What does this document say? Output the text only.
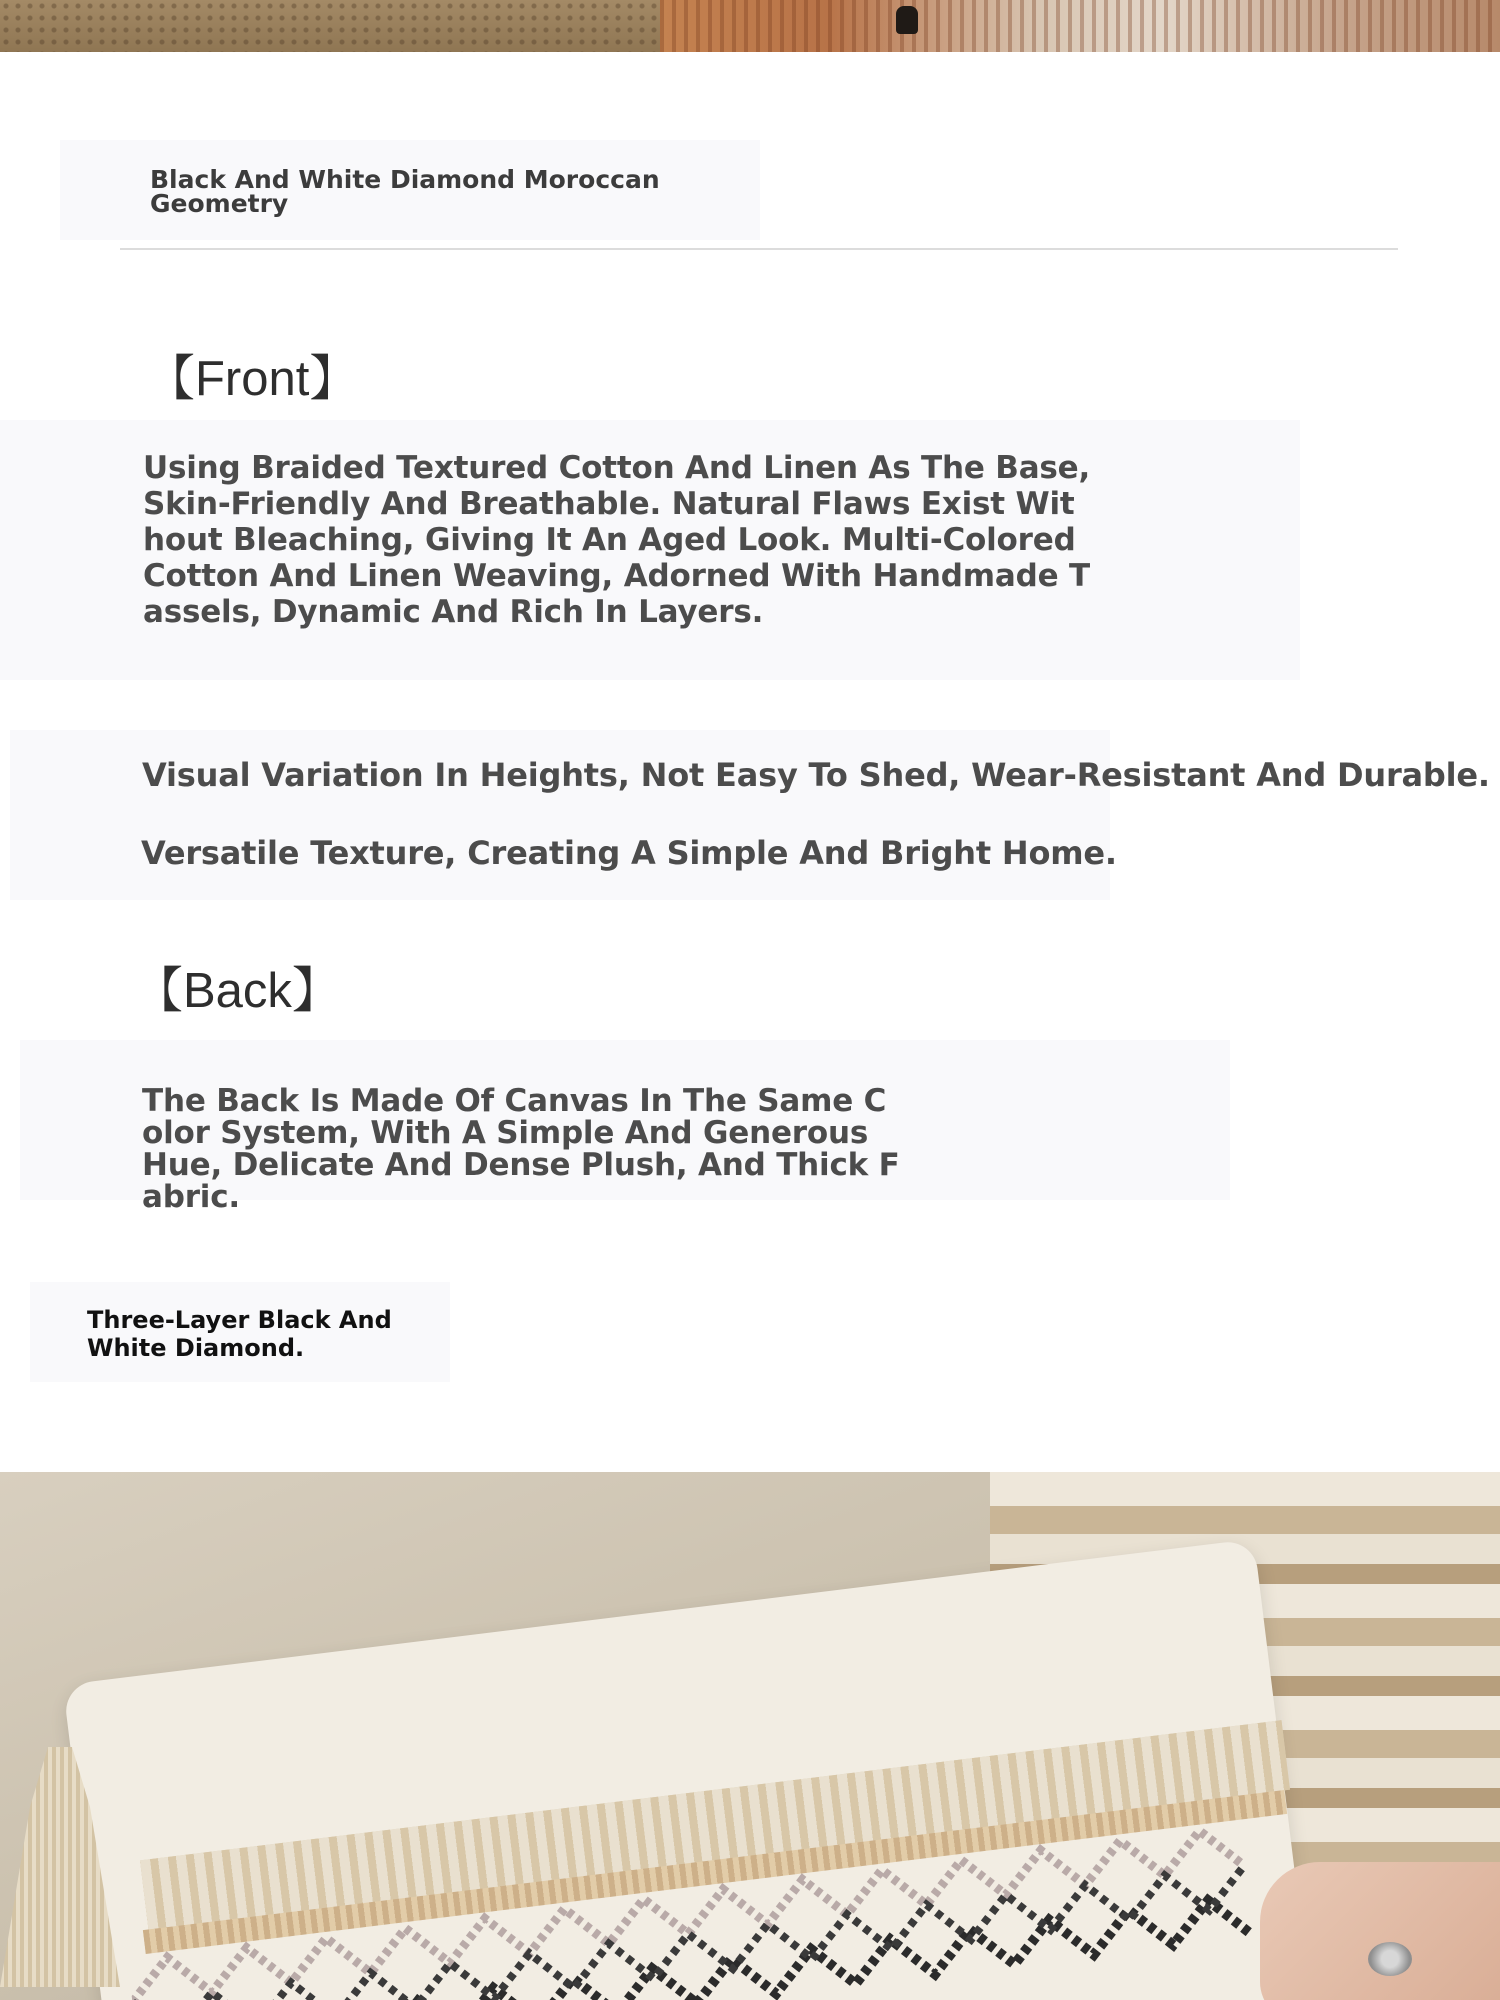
Black And White Diamond Moroccan Geometry
【Front】
Using Braided Textured Cotton And Linen As The Base, Skin-Friendly And Breathable. Natural Flaws Exist Without Bleaching, Giving It An Aged Look. Multi-Colored Cotton And Linen Weaving, Adorned With Handmade Tassels, Dynamic And Rich In Layers.
Visual Variation In Heights, Not Easy To Shed, Wear-Resistant And Durable.
Versatile Texture, Creating A Simple And Bright Home.
【Back】
The Back Is Made Of Canvas In The Same Color System, With A Simple And Generous Hue, Delicate And Dense Plush, And Thick Fabric.
Three-Layer Black And White Diamond.
